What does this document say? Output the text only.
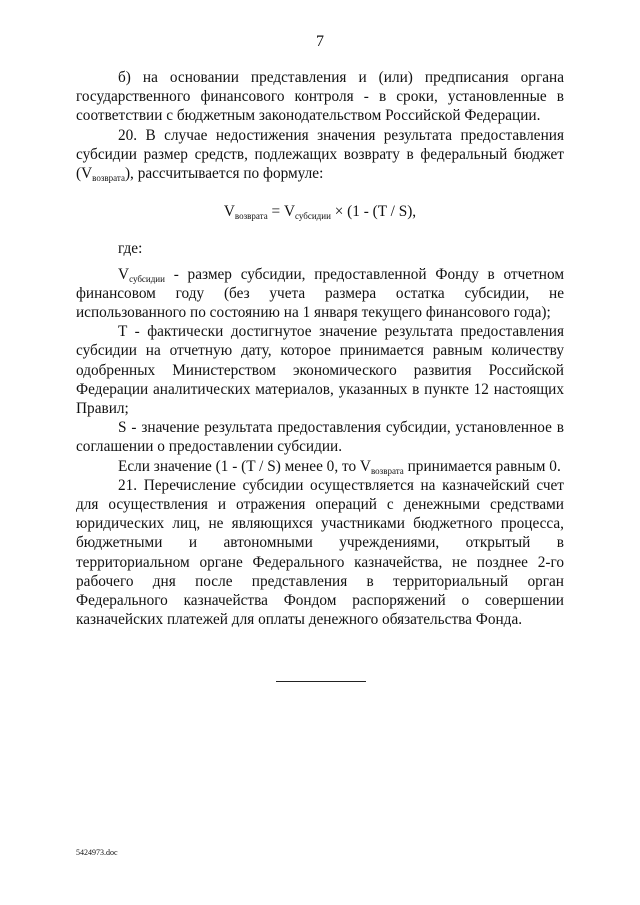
7

б) на основании представления и (или) предписания органа государственного финансового контроля - в сроки, установленные в соответствии с бюджетным законодательством Российской Федерации.

20. В случае недостижения значения результата предоставления субсидии размер средств, подлежащих возврату в федеральный бюджет $(V_{возврата})$, рассчитывается по формуле:

$V_{возврата} = V_{субсидии} \times (1 - (T / S)$,

где:

$V_{субсидии}$ - размер субсидии, предоставленной Фонду в отчетном финансовом году (без учета размера остатка субсидии, не использованного по состоянию на 1 января текущего финансового года);

T - фактически достигнутое значение результата предоставления субсидии на отчетную дату, которое принимается равным количеству одобренных Министерством экономического развития Российской Федерации аналитических материалов, указанных в пункте 12 настоящих Правил;

S - значение результата предоставления субсидии, установленное в соглашении о предоставлении субсидии.

Если значение (1 - (T / S) менее 0, то $V_{возврата}$ принимается равным 0.

21. Перечисление субсидии осуществляется на казначейский счет для осуществления и отражения операций с денежными средствами юридических лиц, не являющихся участниками бюджетного процесса, бюджетными и автономными учреждениями, открытый в территориальном органе Федерального казначейства, не позднее 2-го рабочего дня после представления в территориальный орган Федерального казначейства Фондом распоряжений о совершении казначейских платежей для оплаты денежного обязательства Фонда.

5424973.doc
